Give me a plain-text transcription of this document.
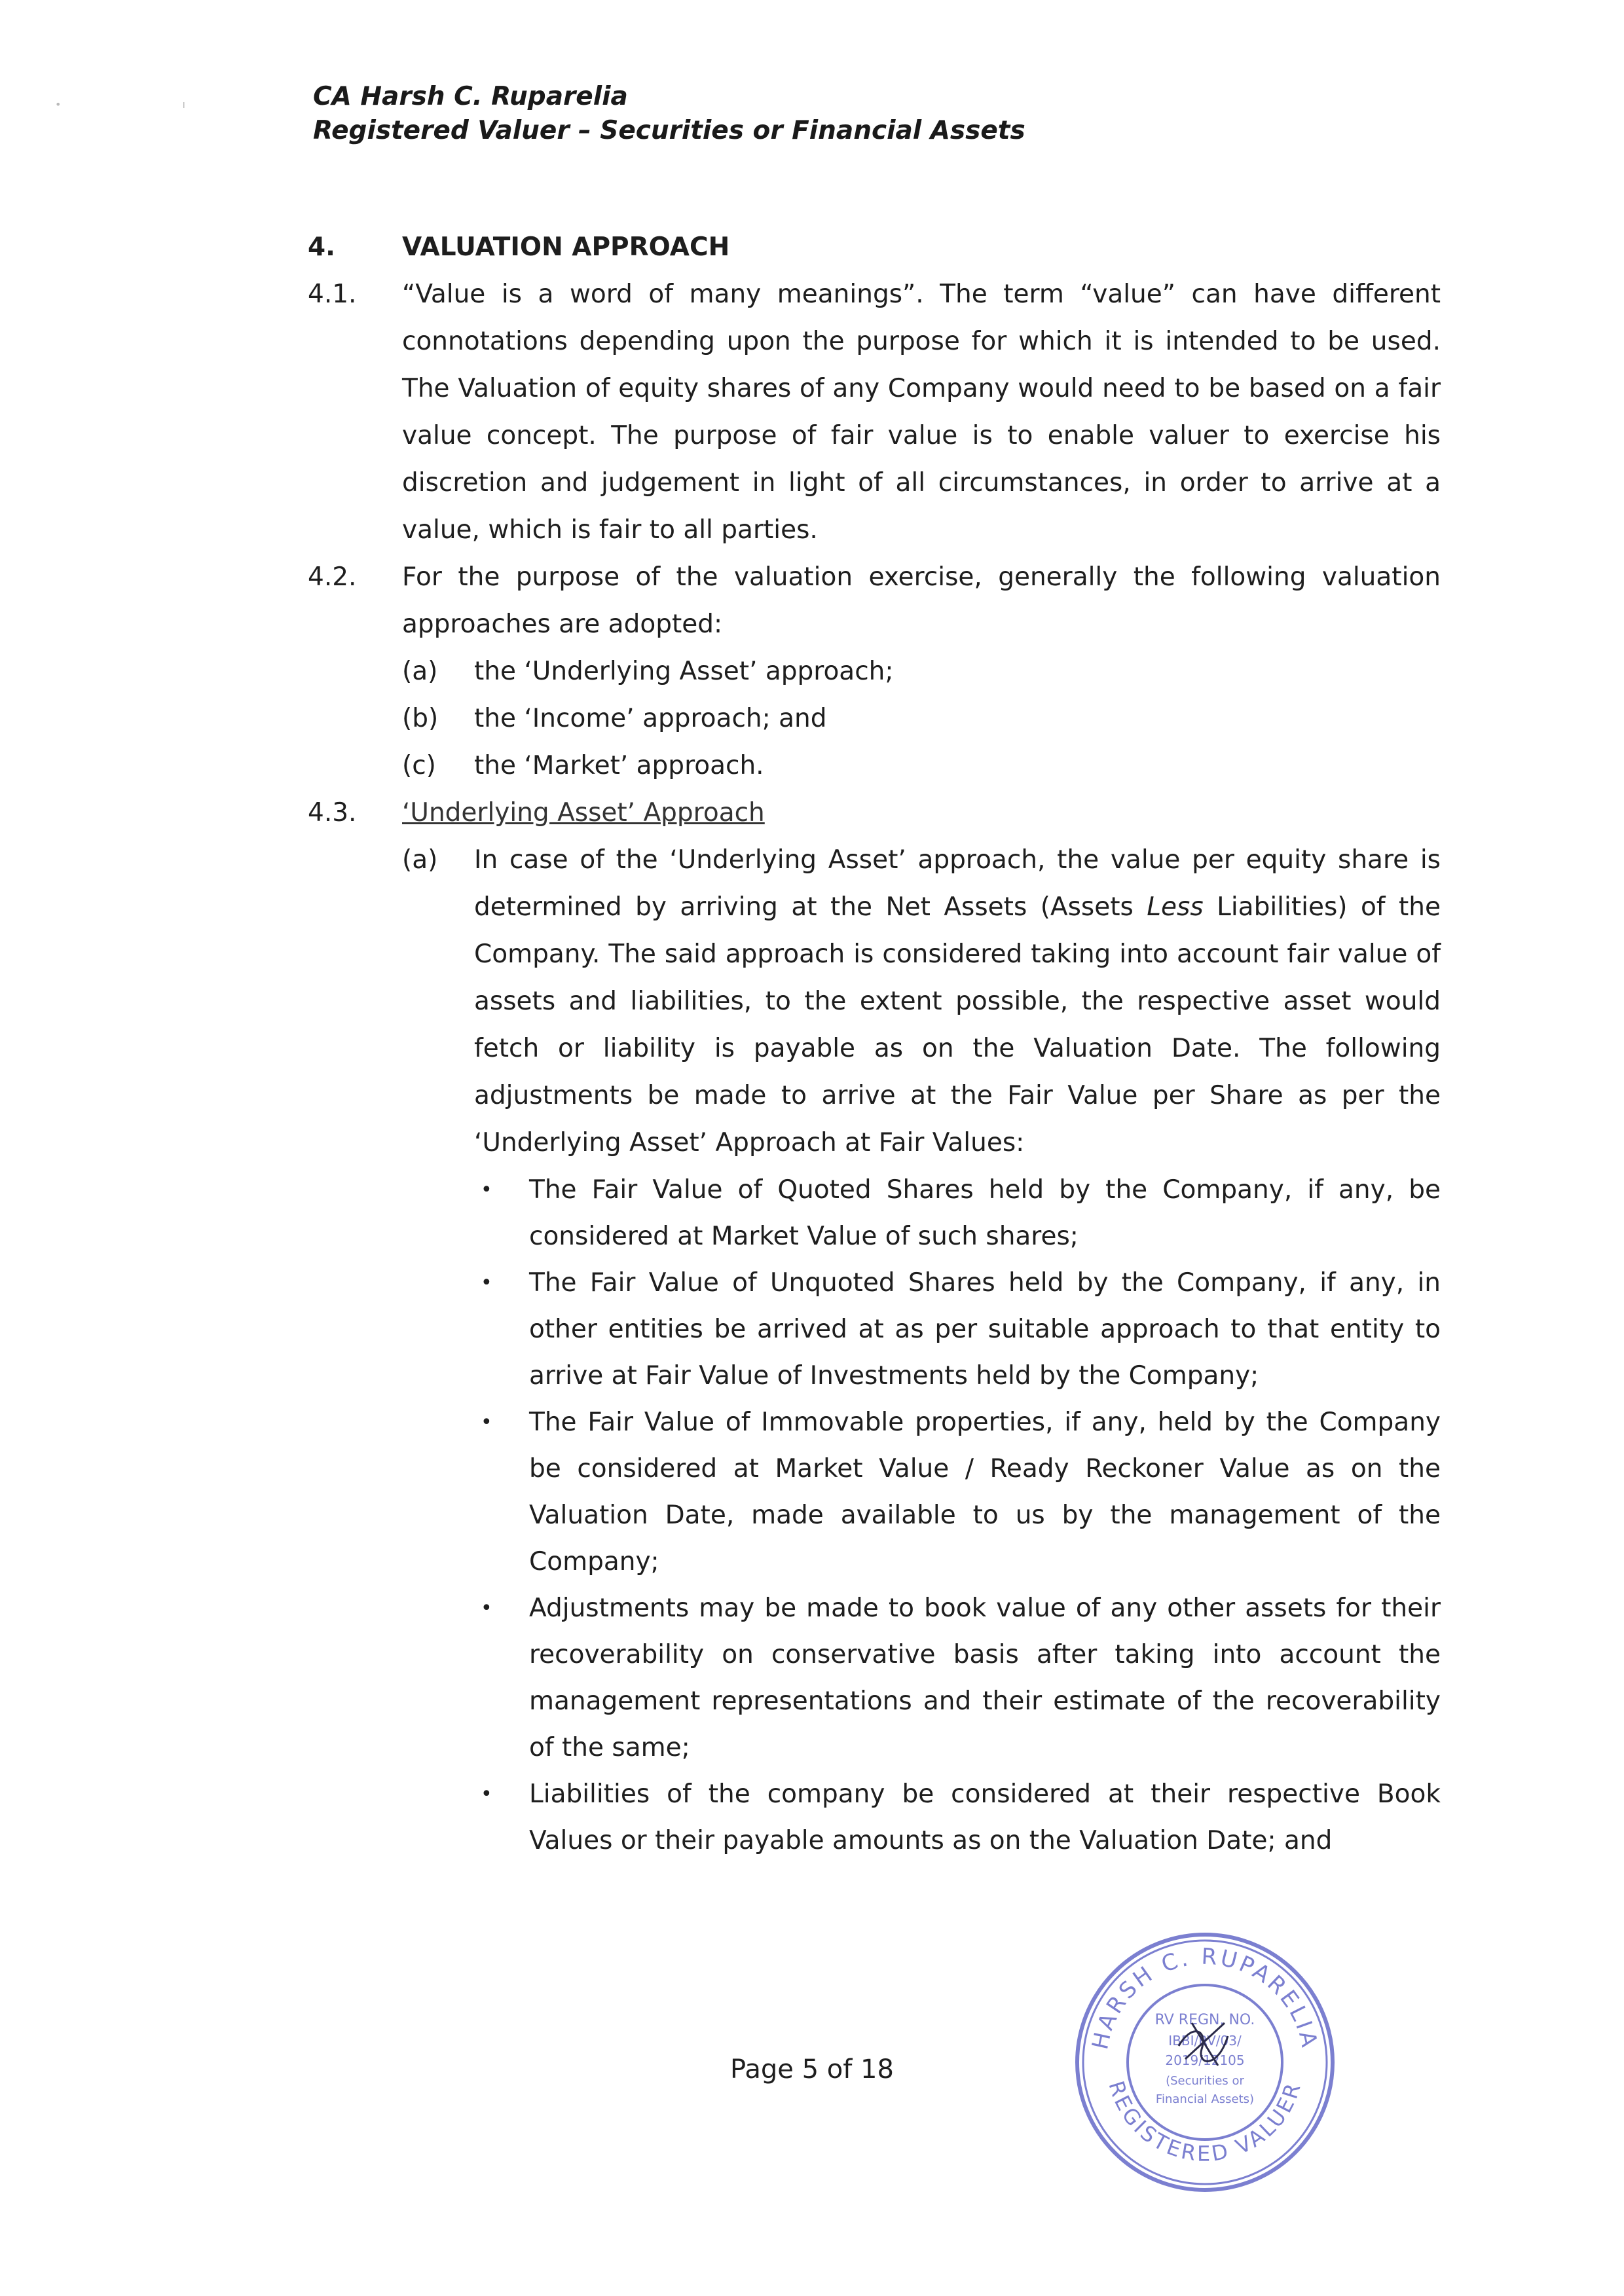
• ı	CA Harsh C. Ruparelia
Registered Valuer – Securities or Financial Assets
4.	VALUATION APPROACH
4.1.	“Value is a word of many meanings”. The term “value” can have different connotations depending upon the purpose for which it is intended to be used. The Valuation of equity shares of any Company would need to be based on a fair value concept. The purpose of fair value is to enable valuer to exercise his discretion and judgement in light of all circumstances, in order to arrive at a value, which is fair to all parties.
4.2.	For the purpose of the valuation exercise, generally the following valuation approaches are adopted:
(a)	the ‘Underlying Asset’ approach;
(b)	the ‘Income’ approach; and
(c)	the ‘Market’ approach.
4.3.	‘Underlying Asset’ Approach
(a)	In case of the ‘Underlying Asset’ approach, the value per equity share is determined by arriving at the Net Assets (Assets Less Liabilities) of the Company. The said approach is considered taking into account fair value of assets and liabilities, to the extent possible, the respective asset would fetch or liability is payable as on the Valuation Date. The following adjustments be made to arrive at the Fair Value per Share as per the ‘Underlying Asset’ Approach at Fair Values:
•	The Fair Value of Quoted Shares held by the Company, if any, be considered at Market Value of such shares;
•	The Fair Value of Unquoted Shares held by the Company, if any, in other entities be arrived at as per suitable approach to that entity to arrive at Fair Value of Investments held by the Company;
•	The Fair Value of Immovable properties, if any, held by the Company be considered at Market Value / Ready Reckoner Value as on the Valuation Date, made available to us by the management of the Company;
•	Adjustments may be made to book value of any other assets for their recoverability on conservative basis after taking into account the management representations and their estimate of the recoverability of the same;
•	Liabilities of the company be considered at their respective Book Values or their payable amounts as on the Valuation Date; and
Page 5 of 18
HARSH C. RUPARELIA
REGISTERED VALUER
RV REGN. NO.
IBBI/RV/03/
2019/12105
(Securities or
Financial Assets)
